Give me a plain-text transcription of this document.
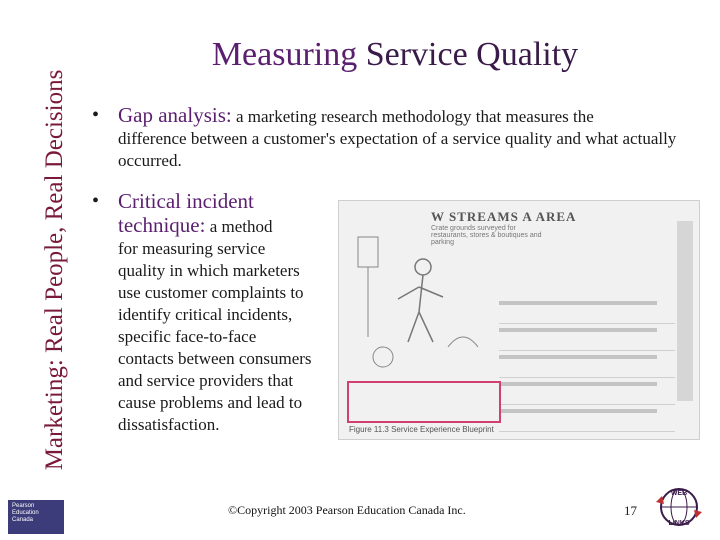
Marketing: Real People, Real Decisions
Pearson
Education
Canada
Measuring Service Quality
• Gap analysis: a marketing research methodology that measures the
difference between a customer's expectation of a service quality and what actually occurred.
• Critical incident technique: a method
for measuring service quality in which marketers use customer complaints to identify critical incidents, specific face-to-face contacts between consumers and service providers that cause problems and lead to dissatisfaction.
W STREAMS A AREA
Crate grounds surveyed for restaurants, stores & boutiques and parking
Figure 11.3 Service Experience Blueprint
©Copyright 2003 Pearson Education Canada Inc.	17
WEB
LINKS
